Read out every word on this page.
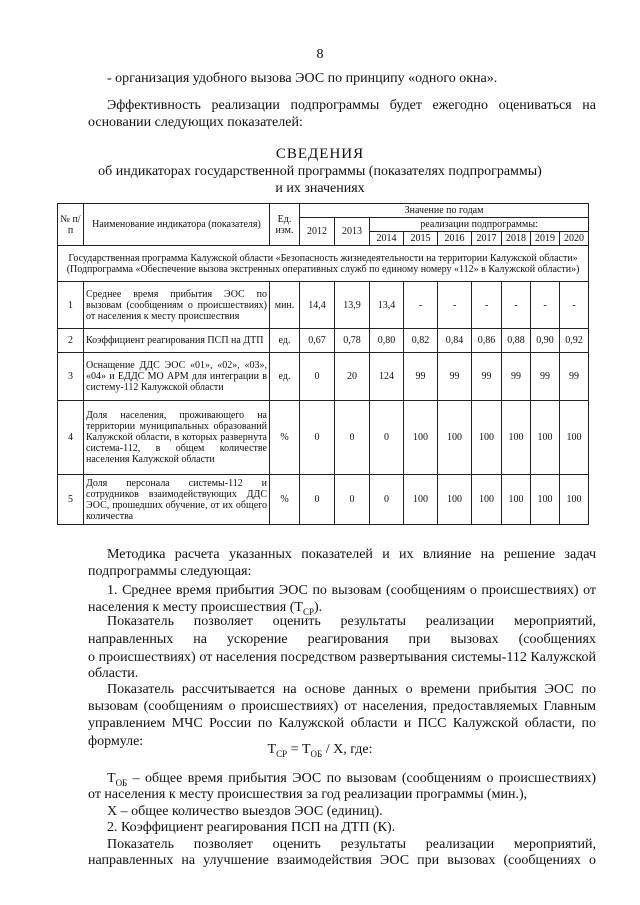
8
- организация удобного вызова ЭОС по принципу «одного окна».
Эффективность реализации подпрограммы будет ежегодно оцениваться на
основании следующих показателей:
СВЕДЕНИЯ
об индикаторах государственной программы (показателях подпрограммы)
и их значениях
№ п/п	Наименование индикатора (показателя)	Ед. изм.	Значение по годам								
			2012	2013	реализации подпрограммы:						
					2014	2015	2016	2017	2018	2019	2020
Государственная программа Калужской области «Безопасность жизнедеятельности на территории Калужской области» (Подпрограмма «Обеспечение вызова экстренных оперативных служб по единому номеру «112» в Калужской области»)											
1	Среднее время прибытия ЭОС по вызовам (сообщениям о происшествиях) от населения к месту происшествия	мин.	14,4	13,9	13,4	-	-	-	-	-	-
2	Коэффициент реагирования ПСП на ДТП	ед.	0,67	0,78	0,80	0,82	0,84	0,86	0,88	0,90	0,92
3	Оснащение ДДС ЭОС «01», «02», «03», «04» и ЕДДС МО АРМ для интеграции в систему-112 Калужской области	ед.	0	20	124	99	99	99	99	99	99
4	Доля населения, проживающего на территории муниципальных образований Калужской области, в которых развернута система-112, в общем количестве населения Калужской области	%	0	0	0	100	100	100	100	100	100
5	Доля персонала системы-112 и сотрудников взаимодействующих ДДС ЭОС, прошедших обучение, от их общего количества	%	0	0	0	100	100	100	100	100	100
Методика расчета указанных показателей и их влияние на решение задач
подпрограммы следующая:
1. Среднее время прибытия ЭОС по вызовам (сообщениям о происшествиях) от
населения к месту происшествия $(Т_{СР})$.
Показатель позволяет оценить результаты реализации мероприятий,
направленных на ускорение реагирования при вызовах (сообщениях
о происшествиях) от населения посредством развертывания системы-112 Калужской
области.
Показатель рассчитывается на основе данных о времени прибытия ЭОС по
вызовам (сообщениям о происшествиях) от населения, предоставляемых Главным
управлением МЧС России по Калужской области и ПСС Калужской области, по
формуле:
$Т_{СР} = Т_{ОБ} / Х$, где:
$Т_{ОБ}$ – общее время прибытия ЭОС по вызовам (сообщениям о происшествиях)
от населения к месту происшествия за год реализации программы (мин.),
Х – общее количество выездов ЭОС (единиц).
2. Коэффициент реагирования ПСП на ДТП (К).
Показатель позволяет оценить результаты реализации мероприятий,
направленных на улучшение взаимодействия ЭОС при вызовах (сообщениях о
